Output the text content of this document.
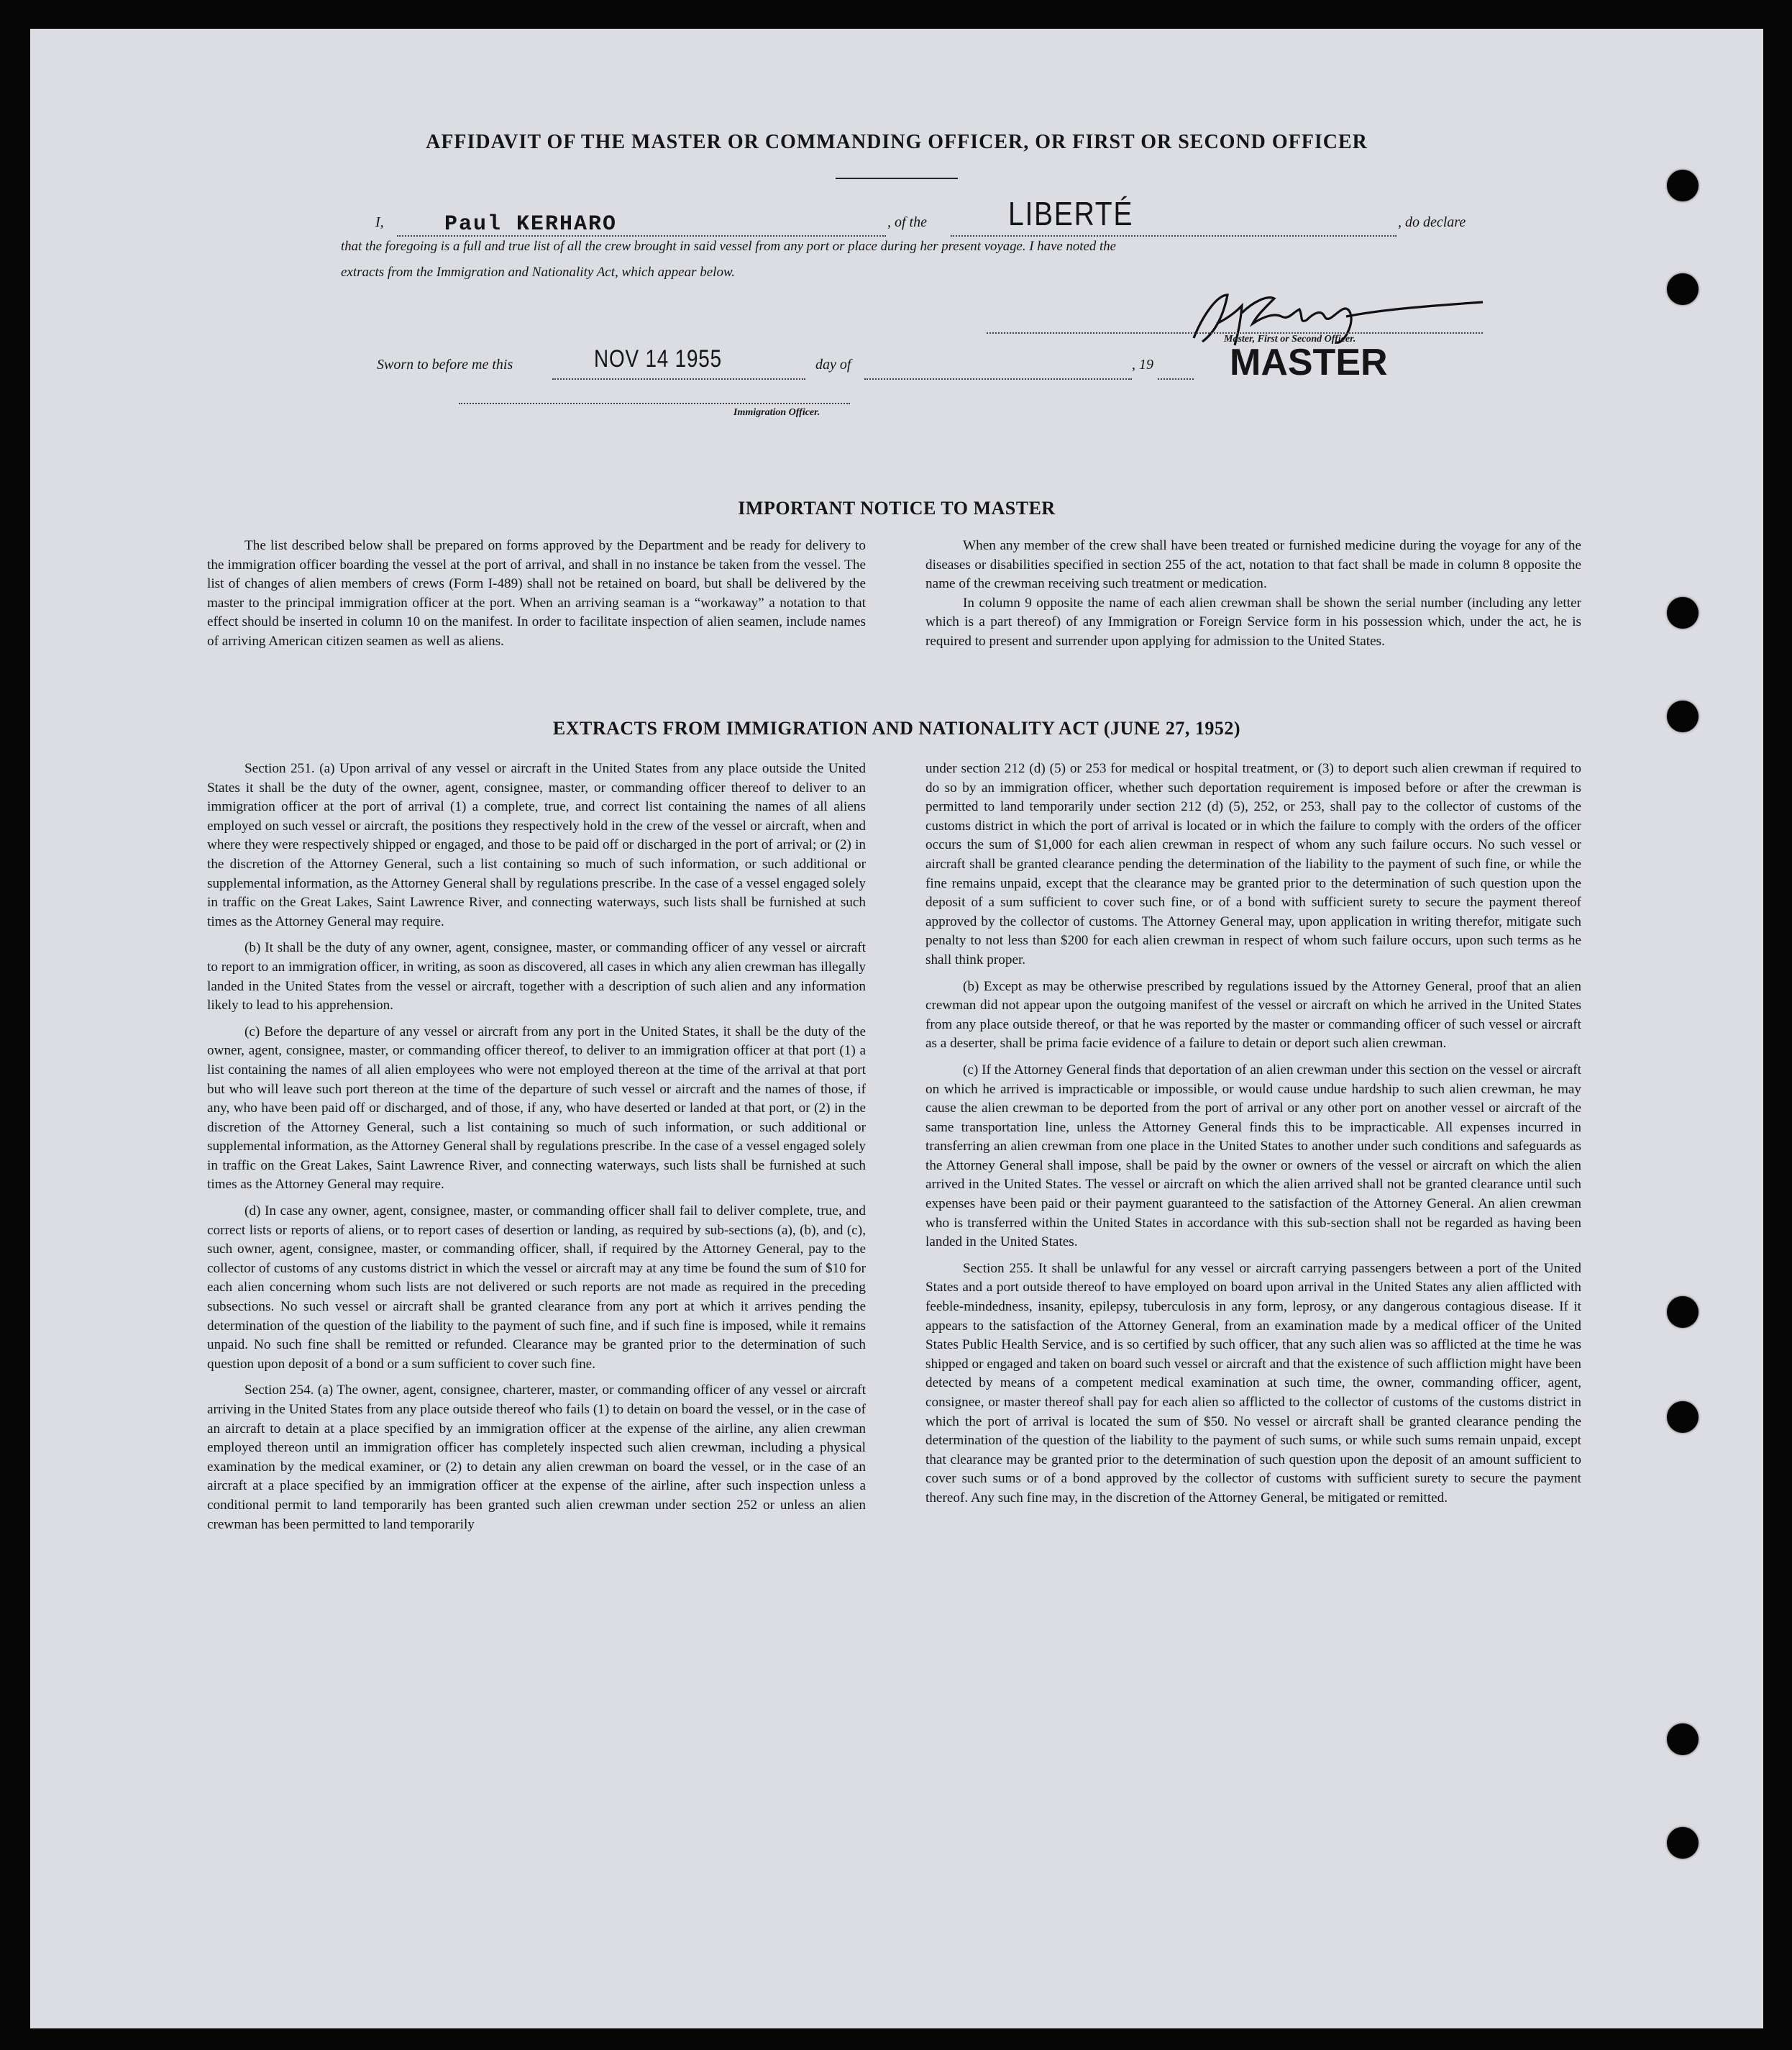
AFFIDAVIT OF THE MASTER OR COMMANDING OFFICER, OR FIRST OR SECOND OFFICER
I,	Paul KERHARO	, of the LIBERTÉ	, do declare
that the foregoing is a full and true list of all the crew brought in said vessel from any port or place during her present voyage. I have noted the
extracts from the Immigration and Nationality Act, which appear below.
Master, First or Second Officer.
MASTER
Sworn to before me this	NOV 14 1955	day of	, 19
Immigration Officer.
IMPORTANT NOTICE TO MASTER

The list described below shall be prepared on forms approved by the Department and be ready for delivery to the immigration officer boarding the vessel at the port of arrival, and shall in no instance be taken from the vessel. The list of changes of alien members of crews (Form I-489) shall not be retained on board, but shall be delivered by the master to the principal immigration officer at the port. When an arriving seaman is a “workaway” a notation to that effect should be inserted in column 10 on the manifest. In order to facilitate inspection of alien seamen, include names of arriving American citizen seamen as well as aliens.

When any member of the crew shall have been treated or furnished medicine during the voyage for any of the diseases or disabilities specified in section 255 of the act, notation to that fact shall be made in column 8 opposite the name of the crewman receiving such treatment or medication.

In column 9 opposite the name of each alien crewman shall be shown the serial number (including any letter which is a part thereof) of any Immigration or Foreign Service form in his possession which, under the act, he is required to present and surrender upon applying for admission to the United States.

EXTRACTS FROM IMMIGRATION AND NATIONALITY ACT (JUNE 27, 1952)

Section 251. (a) Upon arrival of any vessel or aircraft in the United States from any place outside the United States it shall be the duty of the owner, agent, consignee, master, or commanding officer thereof to deliver to an immigration officer at the port of arrival (1) a complete, true, and correct list containing the names of all aliens employed on such vessel or aircraft, the positions they respectively hold in the crew of the vessel or aircraft, when and where they were respectively shipped or engaged, and those to be paid off or discharged in the port of arrival; or (2) in the discretion of the Attorney General, such a list containing so much of such information, or such additional or supplemental information, as the Attorney General shall by regulations prescribe. In the case of a vessel engaged solely in traffic on the Great Lakes, Saint Lawrence River, and connecting waterways, such lists shall be furnished at such times as the Attorney General may require.

(b) It shall be the duty of any owner, agent, consignee, master, or commanding officer of any vessel or aircraft to report to an immigration officer, in writing, as soon as discovered, all cases in which any alien crewman has illegally landed in the United States from the vessel or aircraft, together with a description of such alien and any information likely to lead to his apprehension.

(c) Before the departure of any vessel or aircraft from any port in the United States, it shall be the duty of the owner, agent, consignee, master, or commanding officer thereof, to deliver to an immigration officer at that port (1) a list containing the names of all alien employees who were not employed thereon at the time of the arrival at that port but who will leave such port thereon at the time of the departure of such vessel or aircraft and the names of those, if any, who have been paid off or discharged, and of those, if any, who have deserted or landed at that port, or (2) in the discretion of the Attorney General, such a list containing so much of such information, or such additional or supplemental information, as the Attorney General shall by regulations prescribe. In the case of a vessel engaged solely in traffic on the Great Lakes, Saint Lawrence River, and connecting waterways, such lists shall be furnished at such times as the Attorney General may require.

(d) In case any owner, agent, consignee, master, or commanding officer shall fail to deliver complete, true, and correct lists or reports of aliens, or to report cases of desertion or landing, as required by sub-sections (a), (b), and (c), such owner, agent, consignee, master, or commanding officer, shall, if required by the Attorney General, pay to the collector of customs of any customs district in which the vessel or aircraft may at any time be found the sum of $10 for each alien concerning whom such lists are not delivered or such reports are not made as required in the preceding subsections. No such vessel or aircraft shall be granted clearance from any port at which it arrives pending the determination of the question of the liability to the payment of such fine, and if such fine is imposed, while it remains unpaid. No such fine shall be remitted or refunded. Clearance may be granted prior to the determination of such question upon deposit of a bond or a sum sufficient to cover such fine.

Section 254. (a) The owner, agent, consignee, charterer, master, or commanding officer of any vessel or aircraft arriving in the United States from any place outside thereof who fails (1) to detain on board the vessel, or in the case of an aircraft to detain at a place specified by an immigration officer at the expense of the airline, any alien crewman employed thereon until an immigration officer has completely inspected such alien crewman, including a physical examination by the medical examiner, or (2) to detain any alien crewman on board the vessel, or in the case of an aircraft at a place specified by an immigration officer at the expense of the airline, after such inspection unless a conditional permit to land temporarily has been granted such alien crewman under section 252 or unless an alien crewman has been permitted to land temporarily

under section 212 (d) (5) or 253 for medical or hospital treatment, or (3) to deport such alien crewman if required to do so by an immigration officer, whether such deportation requirement is imposed before or after the crewman is permitted to land temporarily under section 212 (d) (5), 252, or 253, shall pay to the collector of customs of the customs district in which the port of arrival is located or in which the failure to comply with the orders of the officer occurs the sum of $1,000 for each alien crewman in respect of whom any such failure occurs. No such vessel or aircraft shall be granted clearance pending the determination of the liability to the payment of such fine, or while the fine remains unpaid, except that the clearance may be granted prior to the determination of such question upon the deposit of a sum sufficient to cover such fine, or of a bond with sufficient surety to secure the payment thereof approved by the collector of customs. The Attorney General may, upon application in writing therefor, mitigate such penalty to not less than $200 for each alien crewman in respect of whom such failure occurs, upon such terms as he shall think proper.

(b) Except as may be otherwise prescribed by regulations issued by the Attorney General, proof that an alien crewman did not appear upon the outgoing manifest of the vessel or aircraft on which he arrived in the United States from any place outside thereof, or that he was reported by the master or commanding officer of such vessel or aircraft as a deserter, shall be prima facie evidence of a failure to detain or deport such alien crewman.

(c) If the Attorney General finds that deportation of an alien crewman under this section on the vessel or aircraft on which he arrived is impracticable or impossible, or would cause undue hardship to such alien crewman, he may cause the alien crewman to be deported from the port of arrival or any other port on another vessel or aircraft of the same transportation line, unless the Attorney General finds this to be impracticable. All expenses incurred in transferring an alien crewman from one place in the United States to another under such conditions and safeguards as the Attorney General shall impose, shall be paid by the owner or owners of the vessel or aircraft on which the alien arrived in the United States. The vessel or aircraft on which the alien arrived shall not be granted clearance until such expenses have been paid or their payment guaranteed to the satisfaction of the Attorney General. An alien crewman who is transferred within the United States in accordance with this sub-section shall not be regarded as having been landed in the United States.

Section 255. It shall be unlawful for any vessel or aircraft carrying passengers between a port of the United States and a port outside thereof to have employed on board upon arrival in the United States any alien afflicted with feeble-mindedness, insanity, epilepsy, tuberculosis in any form, leprosy, or any dangerous contagious disease. If it appears to the satisfaction of the Attorney General, from an examination made by a medical officer of the United States Public Health Service, and is so certified by such officer, that any such alien was so afflicted at the time he was shipped or engaged and taken on board such vessel or aircraft and that the existence of such affliction might have been detected by means of a competent medical examination at such time, the owner, commanding officer, agent, consignee, or master thereof shall pay for each alien so afflicted to the collector of customs of the customs district in which the port of arrival is located the sum of $50. No vessel or aircraft shall be granted clearance pending the determination of the question of the liability to the payment of such sums, or while such sums remain unpaid, except that clearance may be granted prior to the determination of such question upon the deposit of an amount sufficient to cover such sums or of a bond approved by the collector of customs with sufficient surety to secure the payment thereof. Any such fine may, in the discretion of the Attorney General, be mitigated or remitted.
